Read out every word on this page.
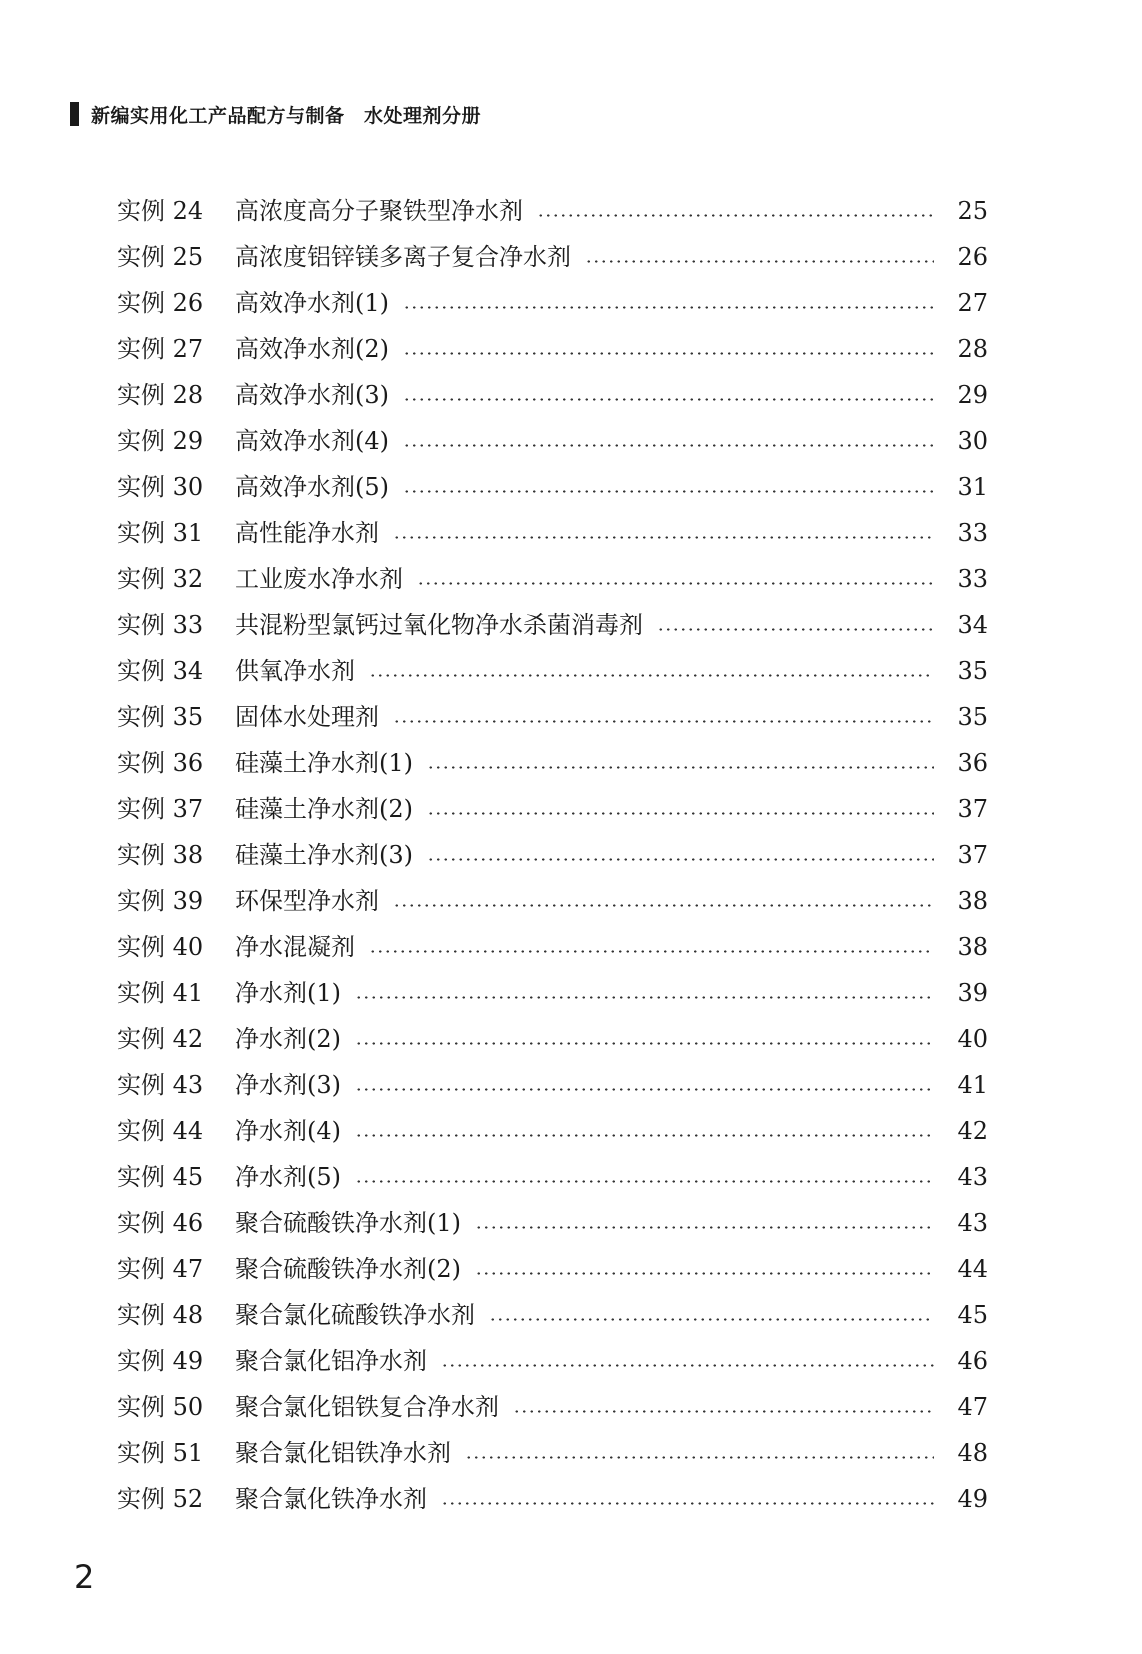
新编实用化工产品配方与制备　水处理剂分册
实例 24	高浓度高分子聚铁型净水剂	25
实例 25	高浓度铝锌镁多离子复合净水剂	26
实例 26	高效净水剂(1)	27
实例 27	高效净水剂(2)	28
实例 28	高效净水剂(3)	29
实例 29	高效净水剂(4)	30
实例 30	高效净水剂(5)	31
实例 31	高性能净水剂	33
实例 32	工业废水净水剂	33
实例 33	共混粉型氯钙过氧化物净水杀菌消毒剂	34
实例 34	供氧净水剂	35
实例 35	固体水处理剂	35
实例 36	硅藻土净水剂(1)	36
实例 37	硅藻土净水剂(2)	37
实例 38	硅藻土净水剂(3)	37
实例 39	环保型净水剂	38
实例 40	净水混凝剂	38
实例 41	净水剂(1)	39
实例 42	净水剂(2)	40
实例 43	净水剂(3)	41
实例 44	净水剂(4)	42
实例 45	净水剂(5)	43
实例 46	聚合硫酸铁净水剂(1)	43
实例 47	聚合硫酸铁净水剂(2)	44
实例 48	聚合氯化硫酸铁净水剂	45
实例 49	聚合氯化铝净水剂	46
实例 50	聚合氯化铝铁复合净水剂	47
实例 51	聚合氯化铝铁净水剂	48
实例 52	聚合氯化铁净水剂	49
2
